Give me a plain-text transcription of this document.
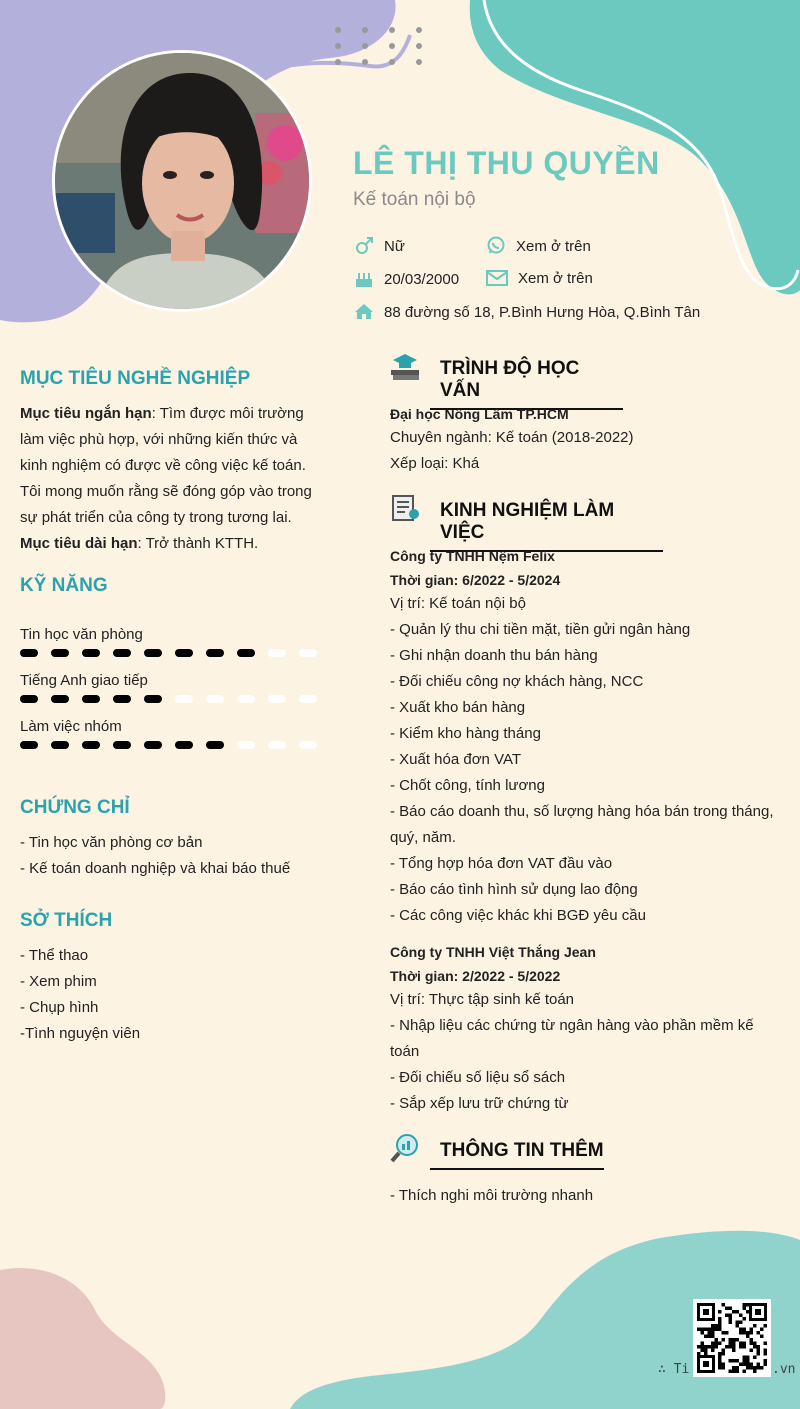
LÊ THỊ THU QUYỀN
Kế toán nội bộ
Nữ	Xem ở trên
20/03/2000	Xem ở trên
88 đường số 18, P.Bình Hưng Hòa, Q.Bình Tân
MỤC TIÊU NGHỀ NGHIỆP
Mục tiêu ngắn hạn: Tìm được môi trường làm việc phù hợp, với những kiến thức và kinh nghiệm có được về công việc kế toán. Tôi mong muốn rằng sẽ đóng góp vào trong sự phát triển của công ty trong tương lai.
Mục tiêu dài hạn: Trở thành KTTH.
KỸ NĂNG
Tin học văn phòng
Tiếng Anh giao tiếp
Làm việc nhóm
CHỨNG CHỈ
- Tin học văn phòng cơ bản
- Kế toán doanh nghiệp và khai báo thuế
SỞ THÍCH
- Thể thao
- Xem phim
- Chụp hình
-Tình nguyện viên
TRÌNH ĐỘ HỌC VẤN
Đại học Nông Lâm TP.HCM
Chuyên ngành: Kế toán (2018-2022)
Xếp loại: Khá
KINH NGHIỆM LÀM VIỆC
Công ty TNHH Nệm Felix
Thời gian: 6/2022 - 5/2024
Vị trí: Kế toán nội bộ
- Quản lý thu chi tiền mặt, tiền gửi ngân hàng
- Ghi nhận doanh thu bán hàng
- Đối chiếu công nợ khách hàng, NCC
- Xuất kho bán hàng
- Kiểm kho hàng tháng
- Xuất hóa đơn VAT
- Chốt công, tính lương
- Báo cáo doanh thu, số lượng hàng hóa bán trong tháng,
quý, năm.
- Tổng hợp hóa đơn VAT đầu vào
- Báo cáo tình hình sử dụng lao động
- Các công việc khác khi BGĐ yêu cầu
Công ty TNHH Việt Thắng Jean
Thời gian: 2/2022 - 5/2022
Vị trí: Thực tập sinh kế toán
- Nhập liệu các chứng từ ngân hàng vào phần mềm kế
toán
- Đối chiếu số liệu sổ sách
- Sắp xếp lưu trữ chứng từ
THÔNG TIN THÊM
- Thích nghi môi trường nhanh
∴ Ti	.vn
